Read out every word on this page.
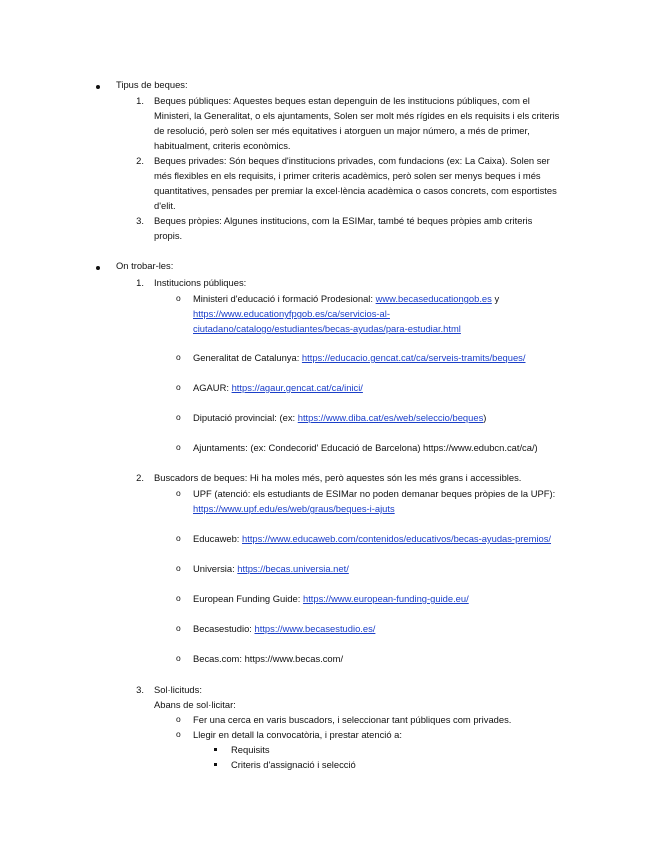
Tipus de beques:
1. Beques públiques: Aquestes beques estan depenguin de les institucions públiques, com el
Ministeri, la Generalitat, o els ajuntaments, Solen ser molt més rígides en els requisits i els criteris
de resolució, però solen ser més equitatives i atorguen un major número, a més de primer,
habitualment, criteris econòmics.
2. Beques privades: Són beques d'institucions privades, com fundacions (ex: La Caixa). Solen ser
més flexibles en els requisits, i primer criteris acadèmics, però solen ser menys beques i més
quantitatives, pensades per premiar la excel·lència acadèmica o casos concrets, com esportistes
d'elit.
3. Beques pròpies: Algunes institucions, com la ESIMar, també té beques pròpies amb criteris
propis.
On trobar-les:
1. Institucions públiques:
o Ministeri d'educació i formació Prodesional: www.becaseducationgob.es y
https://www.educationyfpgob.es/ca/servicios-al-
ciutadano/catalogo/estudiantes/becas-ayudas/para-estudiar.html
o Generalitat de Catalunya: https://educacio.gencat.cat/ca/serveis-tramits/beques/
o AGAUR: https://agaur.gencat.cat/ca/inici/
o Diputació provincial: (ex: https://www.diba.cat/es/web/seleccio/beques)
o Ajuntaments: (ex: Condecorid' Educació de Barcelona) https://www.edubcn.cat/ca/)
2. Buscadors de beques: Hi ha moles més, però aquestes són les més grans i accessibles.
o UPF (atenció: els estudiants de ESIMar no poden demanar beques pròpies de la UPF):
https://www.upf.edu/es/web/graus/beques-i-ajuts
o Educaweb: https://www.educaweb.com/contenidos/educativos/becas-ayudas-premios/
o Universia: https://becas.universia.net/
o European Funding Guide: https://www.european-funding-guide.eu/
o Becasestudio: https://www.becasestudio.es/
o Becas.com: https://www.becas.com/
3. Sol·licituds:
Abans de sol·licitar:
o Fer una cerca en varis buscadors, i seleccionar tant públiques com privades.
o Llegir en detall la convocatòria, i prestar atenció a:
Requisits
Criteris d'assignació i selecció
